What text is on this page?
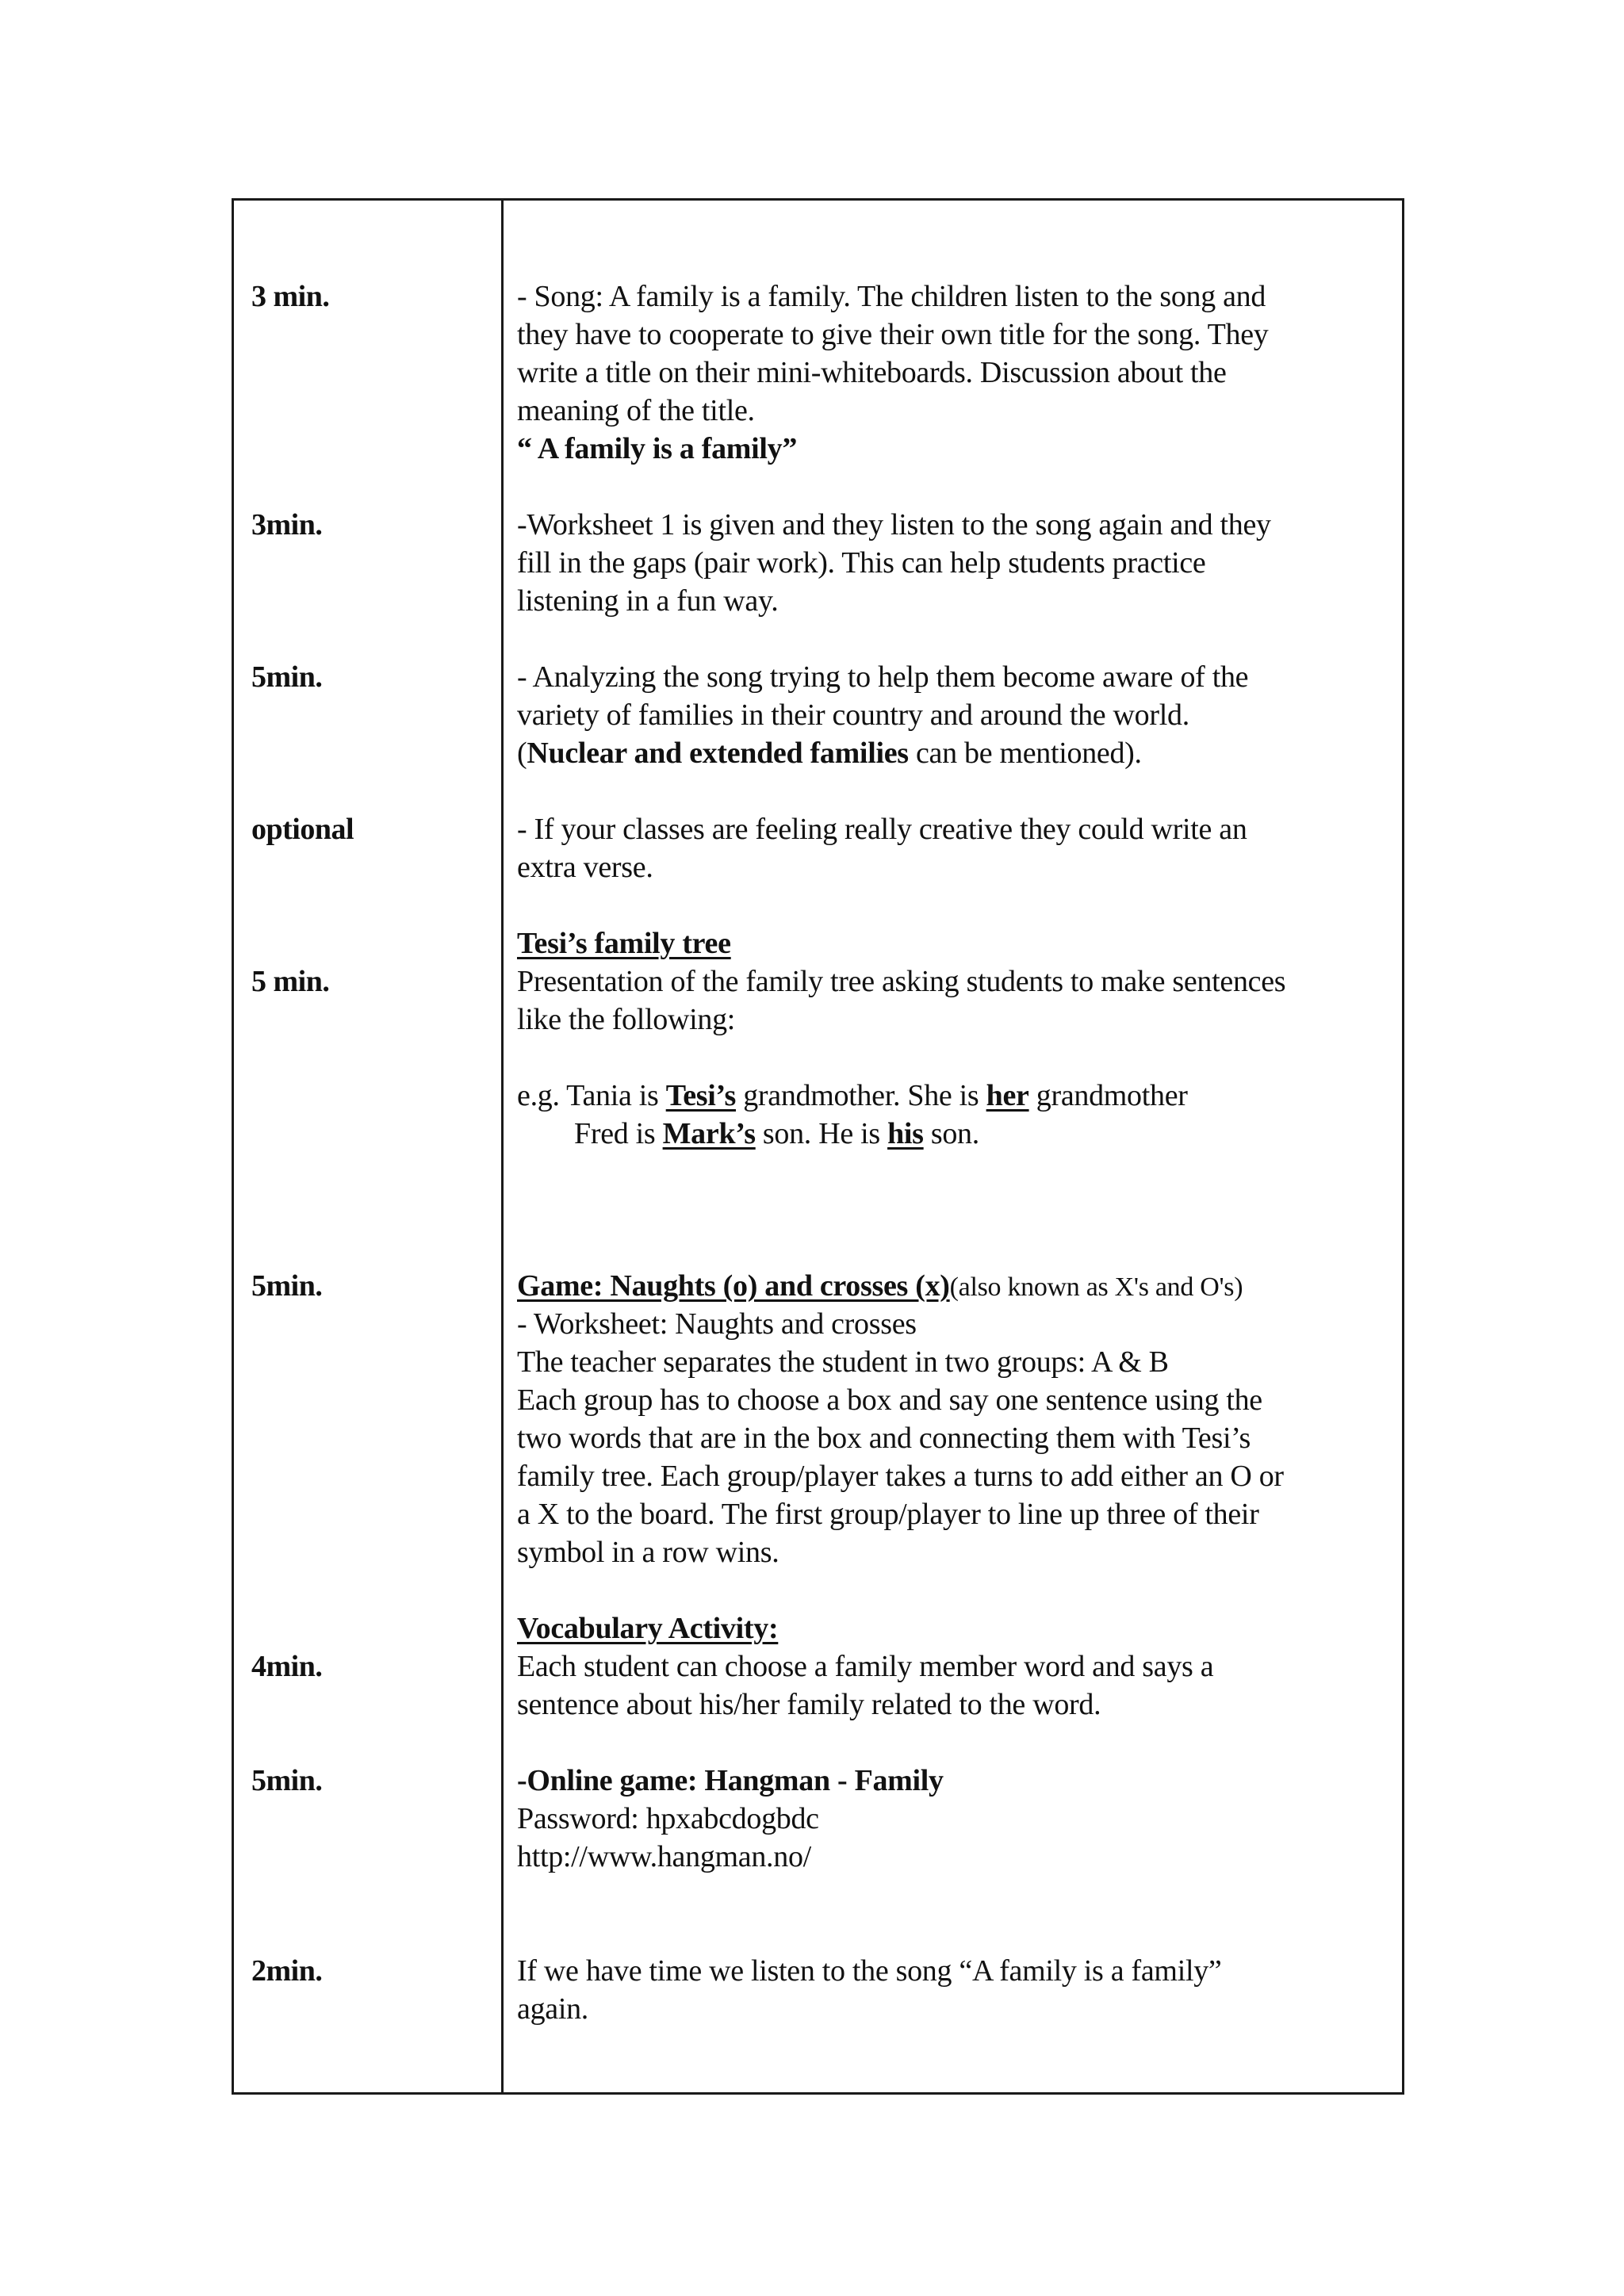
3 min.	- Song: A family is a family. The children listen to the song and
they have to cooperate to give their own title for the song. They
write a title on their mini-whiteboards. Discussion about the
meaning of the title.
“ A family is a family”
3min.	-Worksheet 1 is given and they listen to the song again and they
fill in the gaps (pair work). This can help students practice
listening in a fun way.
5min.	- Analyzing the song trying to help them become aware of the
variety of families in their country and around the world.
(Nuclear and extended families can be mentioned).
optional	- If your classes are feeling really creative they could write an
extra verse.
Tesi’s family tree
5 min.	Presentation of the family tree asking students to make sentences
like the following:
e.g. Tania is Tesi’s grandmother. She is her grandmother
Fred is Mark’s son. He is his son.
5min.	Game: Naughts (o) and crosses (x)(also known as X's and O's)
- Worksheet: Naughts and crosses
The teacher separates the student in two groups: A & B
Each group has to choose a box and say one sentence using the
two words that are in the box and connecting them with Tesi’s
family tree. Each group/player takes a turns to add either an O or
a X to the board. The first group/player to line up three of their
symbol in a row wins.
Vocabulary Activity:
4min.	Each student can choose a family member word and says a
sentence about his/her family related to the word.
5min.	-Online game: Hangman - Family
Password: hpxabcdogbdc
http://www.hangman.no/
2min.	If we have time we listen to the song “A family is a family”
again.
